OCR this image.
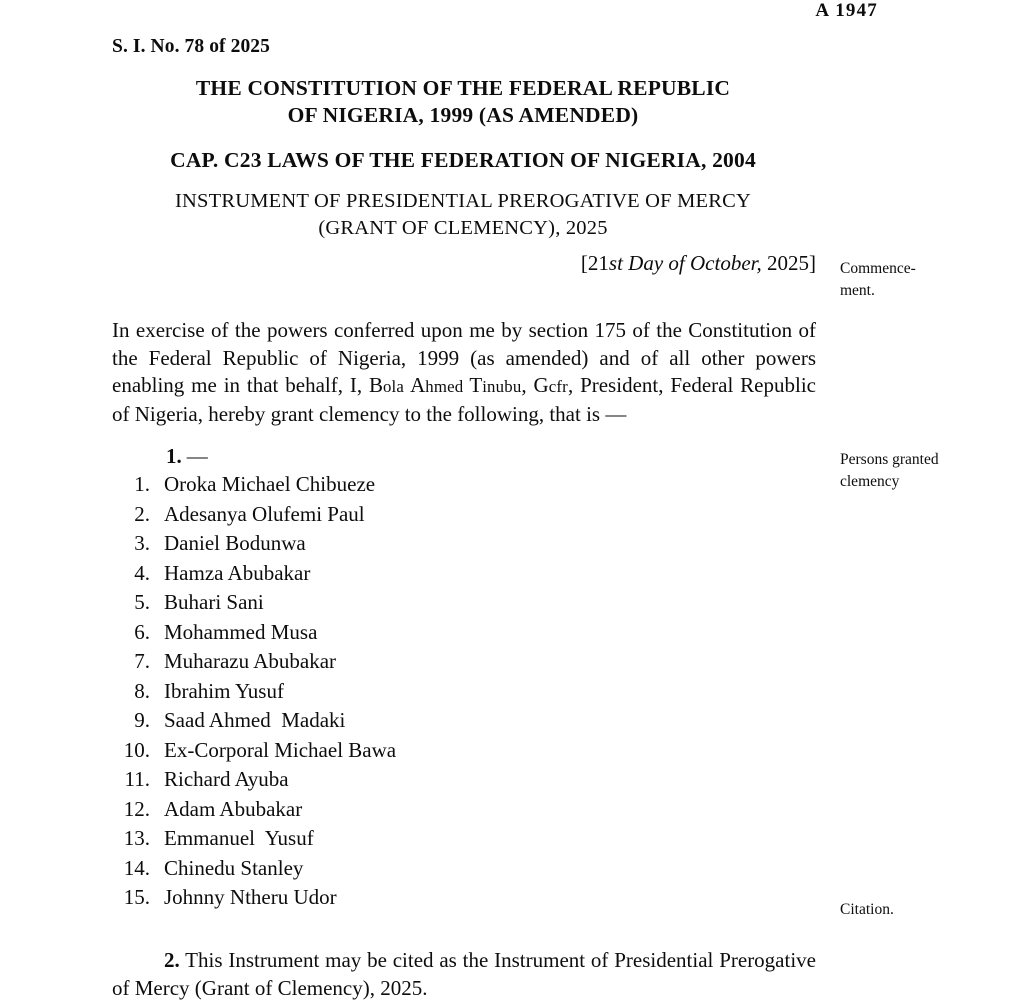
A 1947
S. I. No. 78 of 2025
THE CONSTITUTION OF THE FEDERAL REPUBLIC
OF NIGERIA, 1999 (AS AMENDED)
CAP. C23 LAWS OF THE FEDERATION OF NIGERIA, 2004
INSTRUMENT OF PRESIDENTIAL PREROGATIVE OF MERCY
(GRANT OF CLEMENCY), 2025
[21st Day of October, 2025]

In exercise of the powers conferred upon me by section 175 of the Constitution of the Federal Republic of Nigeria, 1999 (as amended) and of all other powers enabling me in that behalf, I, Bola Ahmed Tinubu, Gcfr, President, Federal Republic of Nigeria, hereby grant clemency to the following, that is —

1. —
1. Oroka Michael Chibueze
2. Adesanya Olufemi Paul
3. Daniel Bodunwa
4. Hamza Abubakar
5. Buhari Sani
6. Mohammed Musa
7. Muharazu Abubakar
8. Ibrahim Yusuf
9. Saad Ahmed  Madaki
10. Ex-Corporal Michael Bawa
11. Richard Ayuba
12. Adam Abubakar
13. Emmanuel  Yusuf
14. Chinedu Stanley
15. Johnny Ntheru Udor

2. This Instrument may be cited as the Instrument of Presidential Prerogative of Mercy (Grant of Clemency), 2025.

Commence-
ment.
Persons granted clemency
Citation.
